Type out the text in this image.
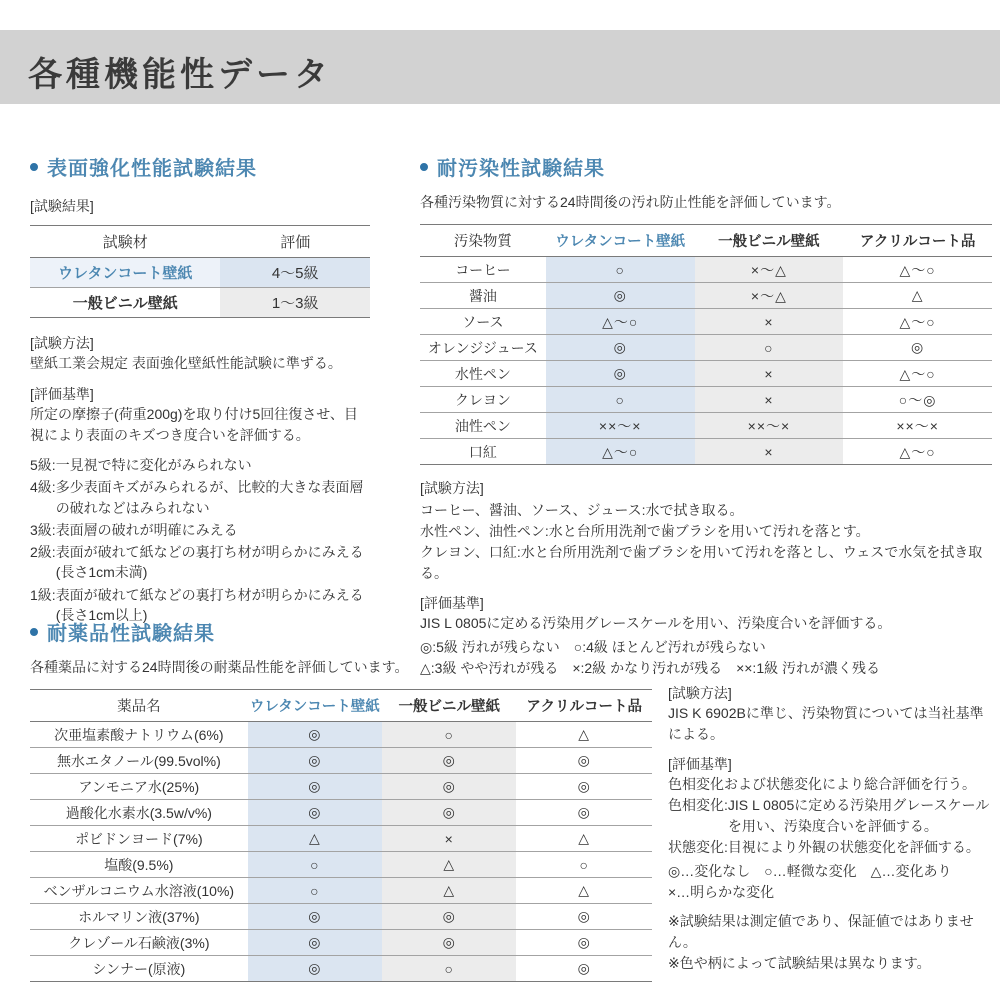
各種機能性データ
表面強化性能試験結果
[試験結果]
試験材	評価
ウレタンコート壁紙	4〜5級
一般ビニル壁紙	1〜3級
[試験方法]
壁紙工業会規定 表面強化壁紙性能試験に準ずる。
[評価基準]
所定の摩擦子(荷重200g)を取り付け5回往復させ、目視により表面のキズつき度合いを評価する。
5級: 一見視で特に変化がみられない
4級: 多少表面キズがみられるが、比較的大きな表面層の破れなどはみられない
3級: 表面層の破れが明確にみえる
2級: 表面が破れて紙などの裏打ち材が明らかにみえる(長さ1cm未満)
1級: 表面が破れて紙などの裏打ち材が明らかにみえる(長さ1cm以上)
耐汚染性試験結果
各種汚染物質に対する24時間後の汚れ防止性能を評価しています。
汚染物質	ウレタンコート壁紙	一般ビニル壁紙	アクリルコート品
コーヒー	○	×〜△	△〜○
醤油	◎	×〜△	△
ソース	△〜○	×	△〜○
オレンジジュース	◎	○	◎
水性ペン	◎	×	△〜○
クレヨン	○	×	○〜◎
油性ペン	××〜×	××〜×	××〜×
口紅	△〜○	×	△〜○
[試験方法]
コーヒー、醤油、ソース、ジュース:水で拭き取る。
水性ペン、油性ペン:水と台所用洗剤で歯ブラシを用いて汚れを落とす。
クレヨン、口紅:水と台所用洗剤で歯ブラシを用いて汚れを落とし、ウェスで水気を拭き取る。
[評価基準]
JIS L 0805に定める汚染用グレースケールを用い、汚染度合いを評価する。
◎:5級 汚れが残らない　○:4級 ほとんど汚れが残らない
△:3級 やや汚れが残る　×:2級 かなり汚れが残る　××:1級 汚れが濃く残る
耐薬品性試験結果
各種薬品に対する24時間後の耐薬品性能を評価しています。
薬品名	ウレタンコート壁紙	一般ビニル壁紙	アクリルコート品
次亜塩素酸ナトリウム(6%)	◎	○	△
無水エタノール(99.5vol%)	◎	◎	◎
アンモニア水(25%)	◎	◎	◎
過酸化水素水(3.5w/v%)	◎	◎	◎
ポビドンヨード(7%)	△	×	△
塩酸(9.5%)	○	△	○
ベンザルコニウム水溶液(10%)	○	△	△
ホルマリン液(37%)	◎	◎	◎
クレゾール石鹸液(3%)	◎	◎	◎
シンナー(原液)	◎	○	◎
[試験方法]
JIS K 6902Bに準じ、汚染物質については当社基準による。
[評価基準]
色相変化および状態変化により総合評価を行う。
色相変化: JIS L 0805に定める汚染用グレースケールを用い、汚染度合いを評価する。
状態変化: 目視により外観の状態変化を評価する。
◎…変化なし　○…軽微な変化　△…変化あり
×…明らかな変化
※試験結果は測定値であり、保証値ではありません。
※色や柄によって試験結果は異なります。
